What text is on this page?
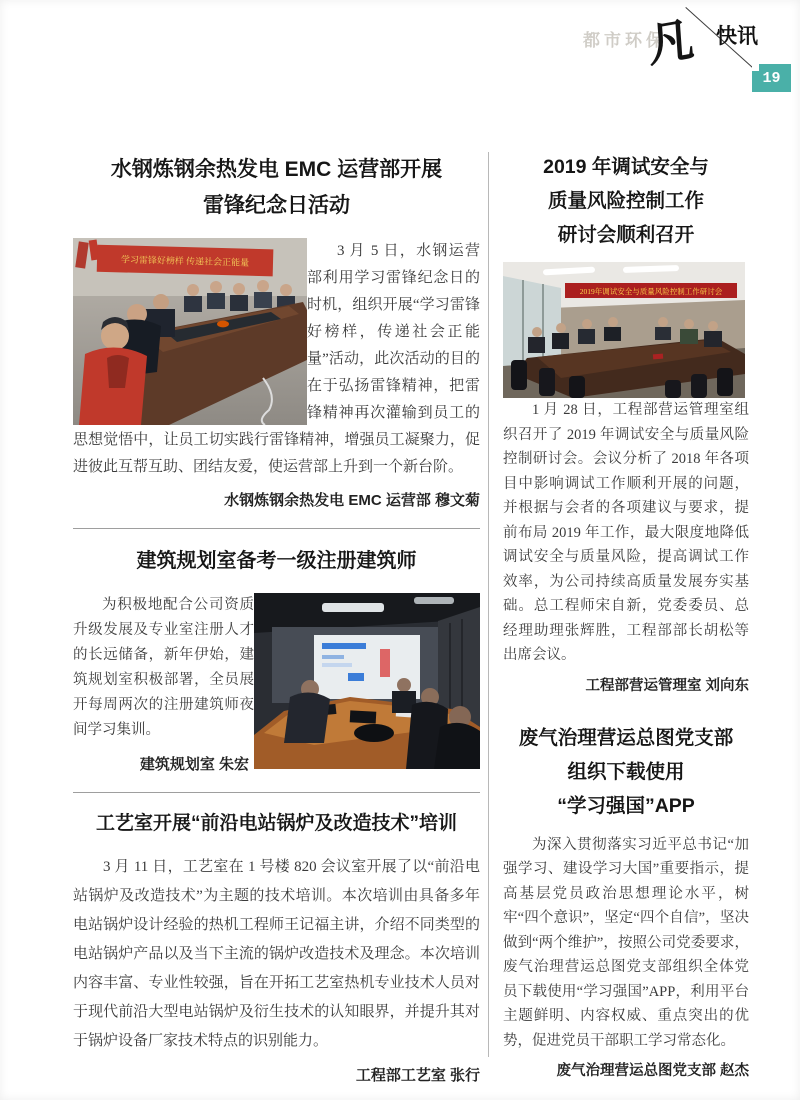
都市环保
凡 快讯
19
水钢炼钢余热发电 EMC 运营部开展
雷锋纪念日活动
学习雷锋好榜样 传递社会正能量

3 月 5 日，水钢运营部利用学习雷锋纪念日的时机，组织开展“学习雷锋好榜样，传递社会正能量”活动，此次活动的目的在于弘扬雷锋精神，把雷锋精神再次灌输到员工的思想觉悟中，让员工切实践行雷锋精神，增强员工凝聚力，促进彼此互帮互助、团结友爱，使运营部上升到一个新台阶。

水钢炼钢余热发电 EMC 运营部 穆文菊
建筑规划室备考一级注册建筑师

为积极地配合公司资质升级发展及专业室注册人才的长远储备，新年伊始，建筑规划室积极部署，全员展开每周两次的注册建筑师夜间学习集训。

建筑规划室 朱宏
工艺室开展“前沿电站锅炉及改造技术”培训

3 月 11 日，工艺室在 1 号楼 820 会议室开展了以“前沿电站锅炉及改造技术”为主题的技术培训。本次培训由具备多年电站锅炉设计经验的热机工程师王记福主讲，介绍不同类型的电站锅炉产品以及当下主流的锅炉改造技术及理念。本次培训内容丰富、专业性较强，旨在开拓工艺室热机专业技术人员对于现代前沿大型电站锅炉及衍生技术的认知眼界，并提升其对于锅炉设备厂家技术特点的识别能力。

工程部工艺室 张行
2019 年调试安全与
质量风险控制工作
研讨会顺利召开
2019年调试安全与质量风险控制工作研讨会

1 月 28 日，工程部营运管理室组织召开了 2019 年调试安全与质量风险控制研讨会。会议分析了 2018 年各项目中影响调试工作顺利开展的问题，并根据与会者的各项建议与要求，提前布局 2019 年工作，最大限度地降低调试安全与质量风险，提高调试工作效率，为公司持续高质量发展夯实基础。总工程师宋自新，党委委员、总经理助理张辉胜，工程部部长胡松等出席会议。

工程部营运管理室 刘向东
废气治理营运总图党支部
组织下载使用
“学习强国”APP

为深入贯彻落实习近平总书记“加强学习、建设学习大国”重要指示，提高基层党员政治思想理论水平，树牢“四个意识”，坚定“四个自信”，坚决做到“两个维护”，按照公司党委要求，废气治理营运总图党支部组织全体党员下载使用“学习强国”APP，利用平台主题鲜明、内容权威、重点突出的优势，促进党员干部职工学习常态化。

废气治理营运总图党支部 赵杰
